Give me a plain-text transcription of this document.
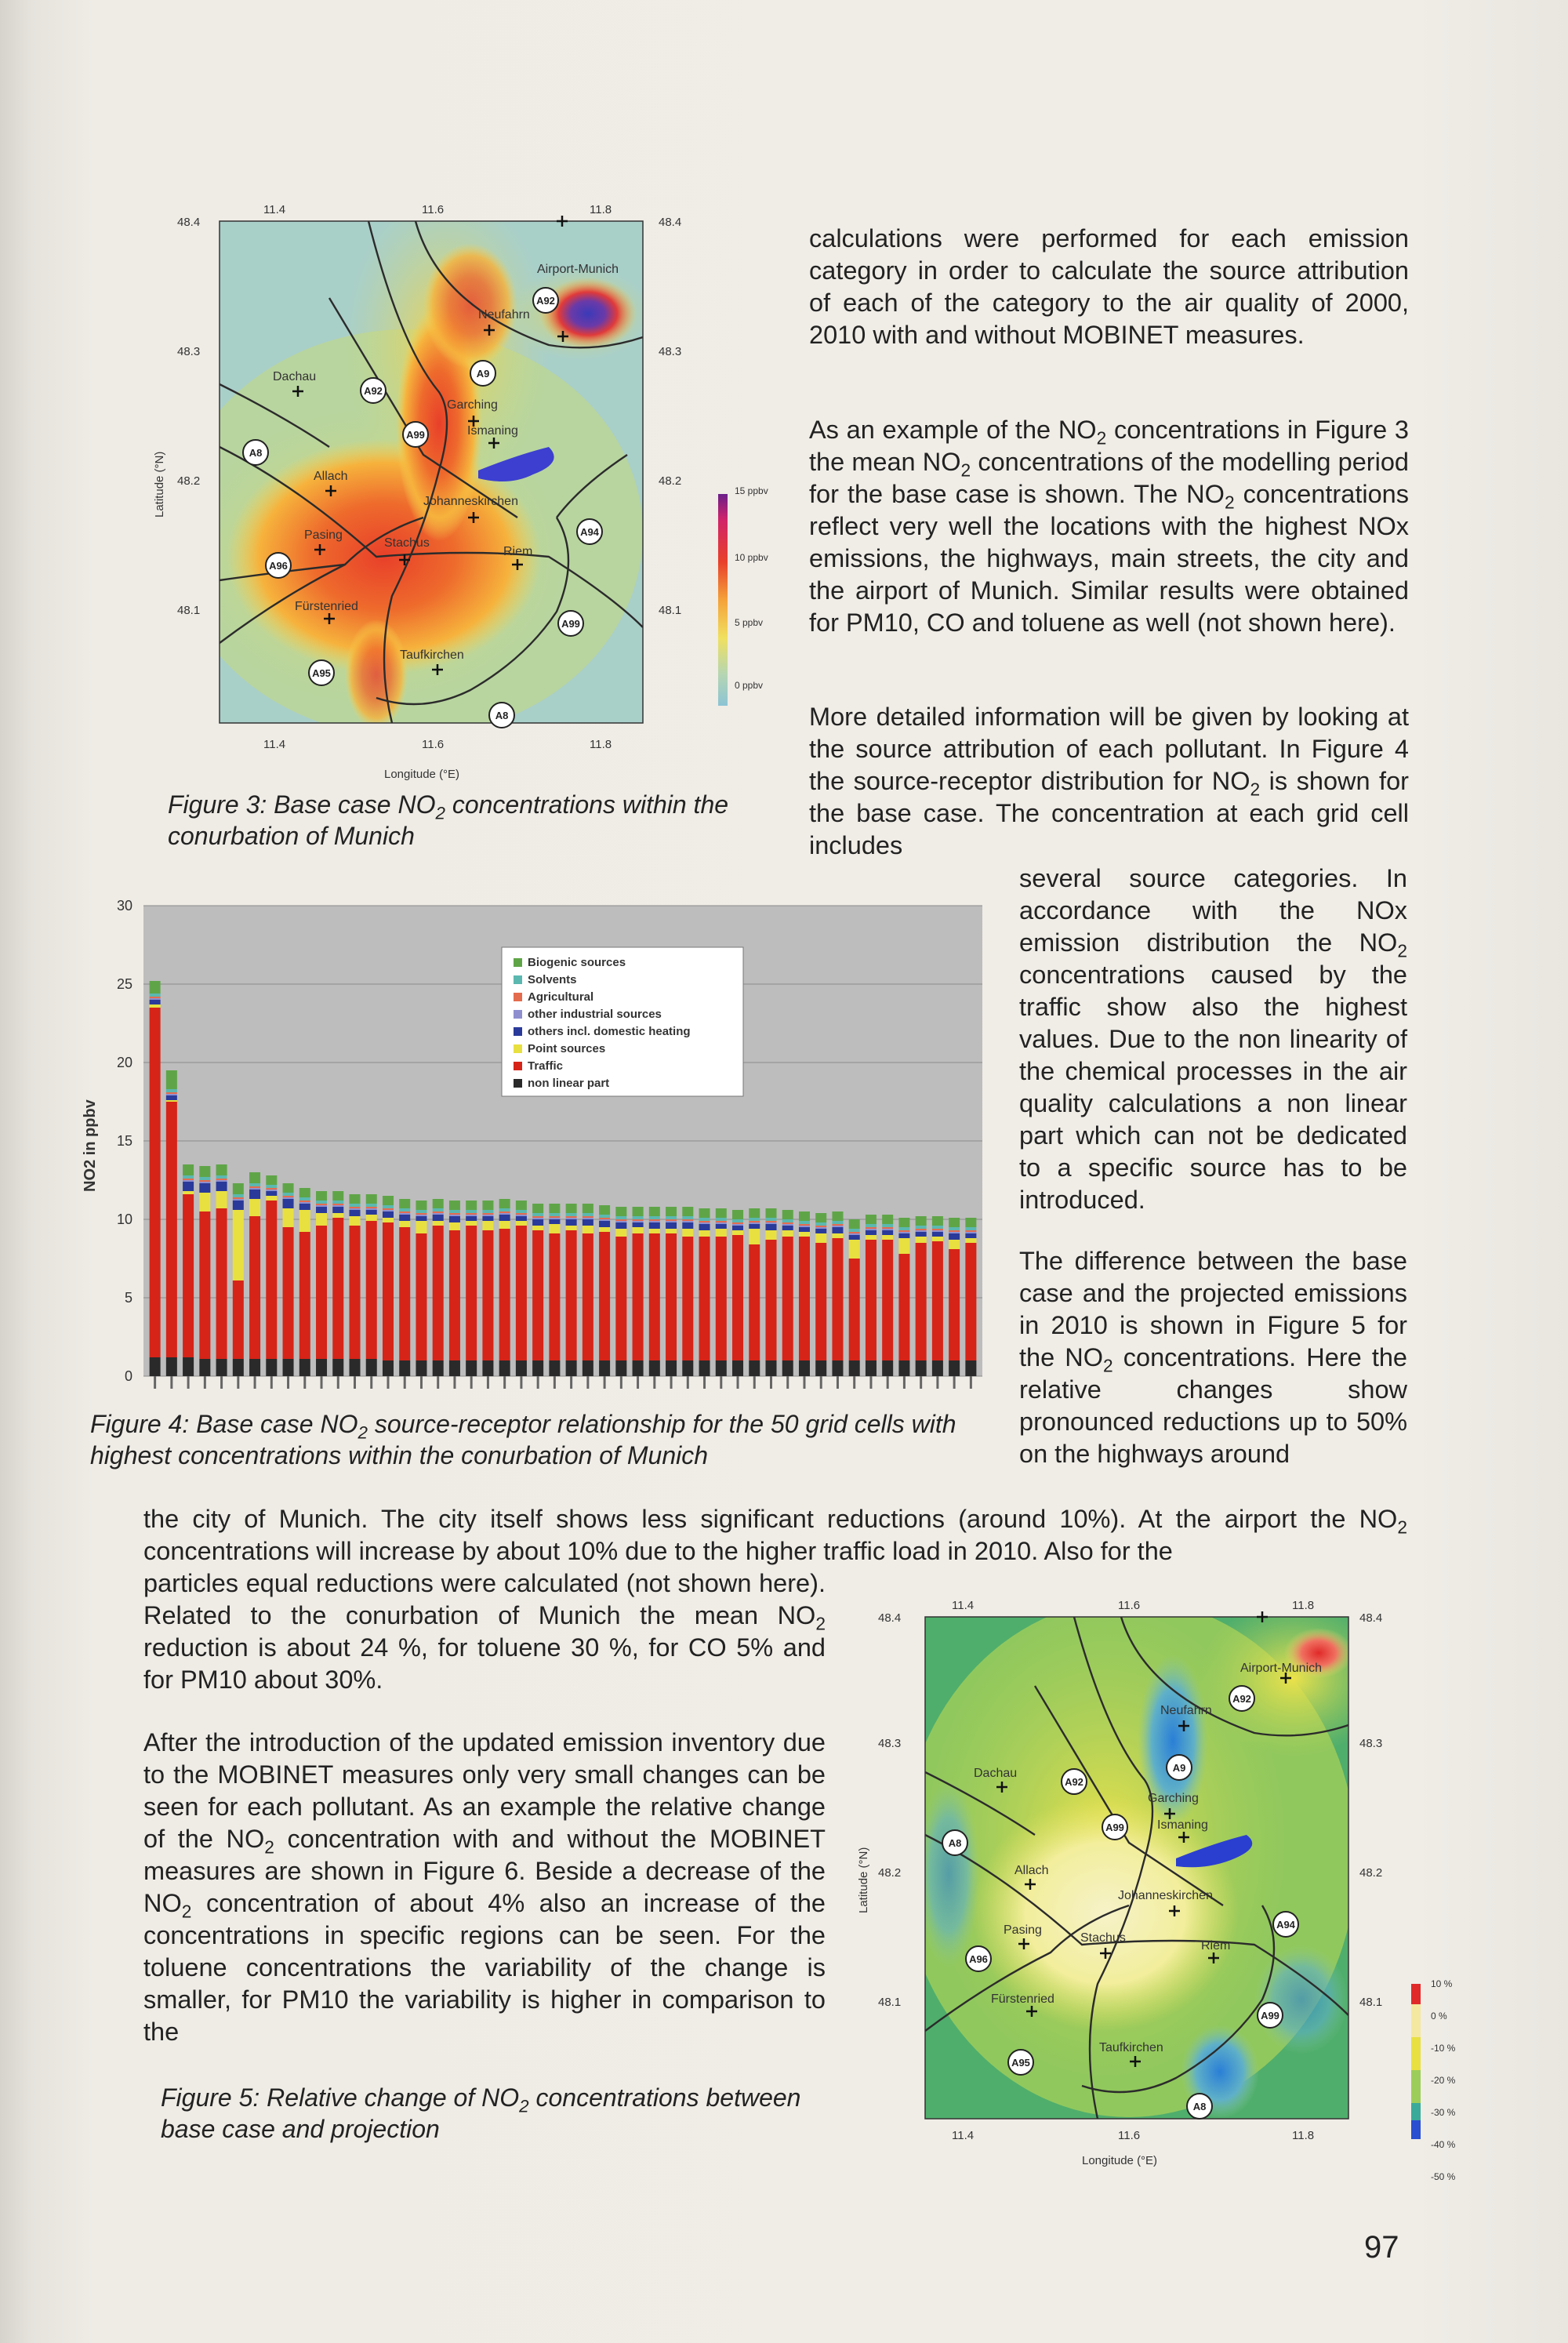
11.4	11.6	11.8
11.4	11.6	11.8
48.4
48.3
48.2
48.1
48.4
48.3
48.2
48.1
Longitude (°E)
Latitude (°N)
Airport-Munich
Neufahrn
Dachau
Garching
Ismaning
Allach
Johanneskirchen
Pasing
Stachus
Riem
Fürstenried
Taufkirchen
A92
A92
A9
A99
A8
A96
A94
A99
A95
A8
15 ppbv
10 ppbv
5 ppbv
0 ppbv

Figure 3: Base case $NO_2$ concentrations within the conurbation of Munich

calculations were performed for each emission category in order to calculate the source attribution of each of the category to the air quality of 2000, 2010 with and without MOBINET measures.

As an example of the $NO_2$ concentrations in Figure 3 the mean $NO_2$ concentrations of the modelling period for the base case is shown. The $NO_2$ concentrations reflect very well the locations with the highest NOx emissions, the highways, main streets, the city and the airport of Munich. Similar results were obtained for PM10, CO and toluene as well (not shown here).

More detailed information will be given by looking at the source attribution of each pollutant. In Figure 4 the source-receptor distribution for $NO_2$ is shown for the base case. The concentration at each grid cell includes

several source categories. In accordance with the NOx emission distribution the $NO_2$ concentrations caused by the traffic show also the highest values. Due to the non linearity of the chemical processes in the air quality calculations a non linear part which can not be dedicated to a specific source has to be introduced.

The difference between the base case and the projected emissions in 2010 is shown in Figure 5 for the $NO_2$ concentrations. Here the relative changes show pronounced reductions up to 50% on the highways around

0
5
10
15
20
25
30
NO2 in ppbv
Biogenic sources
Solvents
Agricultural
other industrial sources
others incl. domestic heating
Point sources
Traffic
non linear part

Figure 4: Base case $NO_2$ source-receptor relationship for the 50 grid cells with highest concentrations within the conurbation of Munich

the city of Munich. The city itself shows less significant reductions (around 10%). At the airport the $NO_2$ concentrations will increase by about 10% due to the higher traffic load in 2010. Also for the

particles equal reductions were calculated (not shown here). Related to the conurbation of Munich the mean $NO_2$ reduction is about 24 %, for toluene 30 %, for CO 5% and for PM10 about 30%.

After the introduction of the updated emission inventory due to the MOBINET measures only very small changes can be seen for each pollutant. As an example the relative change of the $NO_2$ concentration with and without the MOBINET measures are shown in Figure 6. Beside a decrease of the $NO_2$ concentration of about 4% also an increase of the concentrations in specific regions can be seen. For the toluene concentrations the variability of the change is smaller, for PM10 the variability is higher in comparison to the

Figure 5: Relative change of $NO_2$ concentrations between base case and projection

11.4	11.6	11.8
11.4	11.6	11.8
48.4
48.3
48.2
48.1
48.4
48.3
48.2
48.1
Longitude (°E)
Latitude (°N)
Airport-Munich
Neufahrn
Dachau
Garching
Ismaning
Allach
Johanneskirchen
Pasing
Stachus
Riem
Fürstenried
Taufkirchen
A92
A92
A9
A99
A8
A96
A94
A99
A95
A8
10 %
0 %
-10 %
-20 %
-30 %
-40 %
-50 %
97
